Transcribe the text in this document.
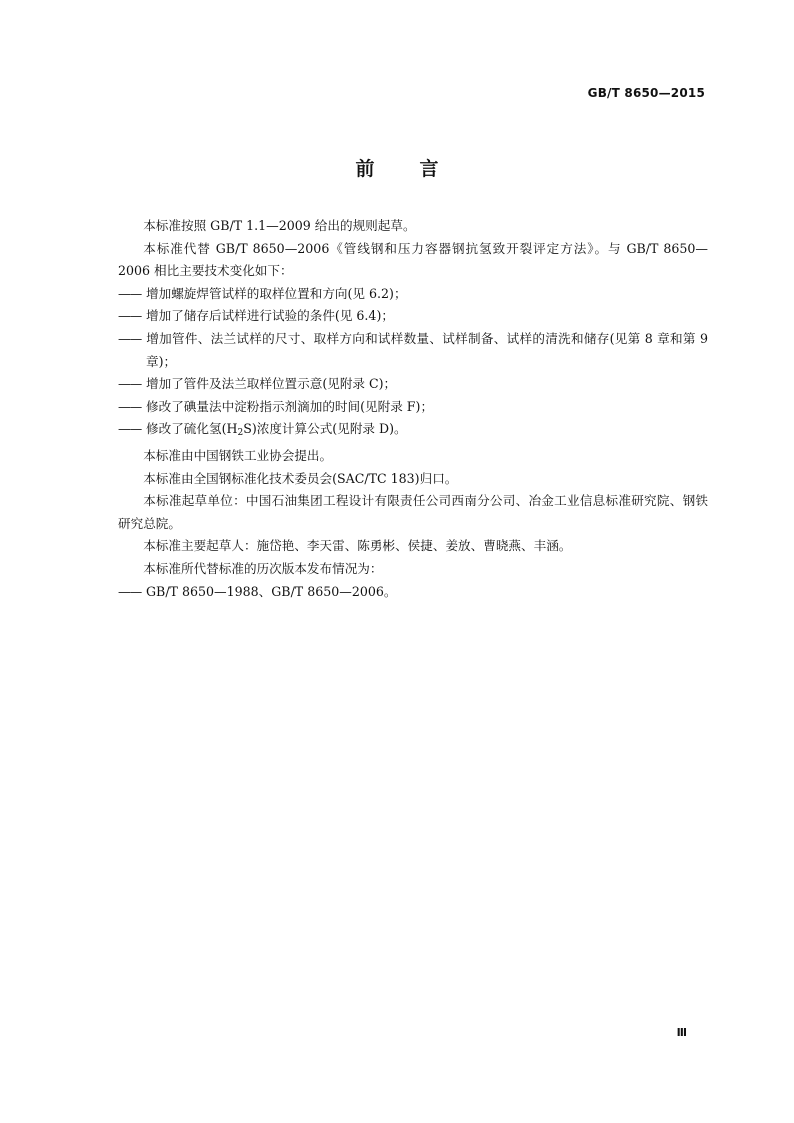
GB/T 8650—2015
前言

本标准按照 GB/T 1.1—2009 给出的规则起草。

本标准代替 GB/T 8650—2006《管线钢和压力容器钢抗氢致开裂评定方法》。与 GB/T 8650—2006 相比主要技术变化如下：

—— 增加螺旋焊管试样的取样位置和方向(见 6.2)；

—— 增加了储存后试样进行试验的条件(见 6.4)；

—— 增加管件、法兰试样的尺寸、取样方向和试样数量、试样制备、试样的清洗和储存(见第 8 章和第 9 章)；

—— 增加了管件及法兰取样位置示意(见附录 C)；

—— 修改了碘量法中淀粉指示剂滴加的时间(见附录 F)；

—— 修改了硫化氢$(H_2S)$浓度计算公式(见附录 D)。

本标准由中国钢铁工业协会提出。

本标准由全国钢标准化技术委员会(SAC/TC 183)归口。

本标准起草单位：中国石油集团工程设计有限责任公司西南分公司、冶金工业信息标准研究院、钢铁研究总院。

本标准主要起草人：施岱艳、李天雷、陈勇彬、侯捷、姜放、曹晓燕、丰涵。

本标准所代替标准的历次版本发布情况为：

—— GB/T 8650—1988、GB/T 8650—2006。

Ⅲ
